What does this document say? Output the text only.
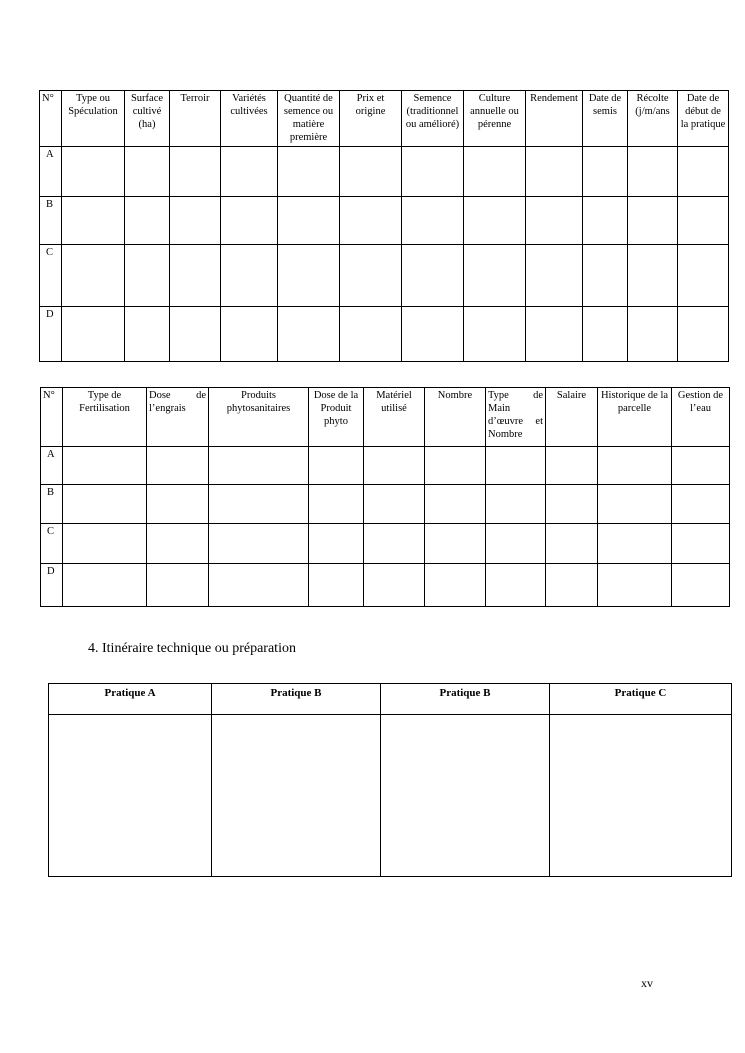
N°	Type ou Spéculation	Surface cultivé (ha)	Terroir	Variétés cultivées	Quantité de semence ou matière première	Prix et origine	Semence (traditionnel ou amélioré)	Culture annuelle ou pérenne	Rendement	Date de semis	Récolte (j/m/ans	Date de début de la pratique
A												
B												
C												
D												
N°	Type de Fertilisation	Dose de l’engrais	Produits phytosanitaires	Dose de la Produit phyto	Matériel utilisé	Nombre	Type de Main d’œuvre et Nombre	Salaire	Historique de la parcelle	Gestion de l’eau
A										
B										
C										
D										
4. Itinéraire technique ou préparation
Pratique A	Pratique B	Pratique B	Pratique C

xv
